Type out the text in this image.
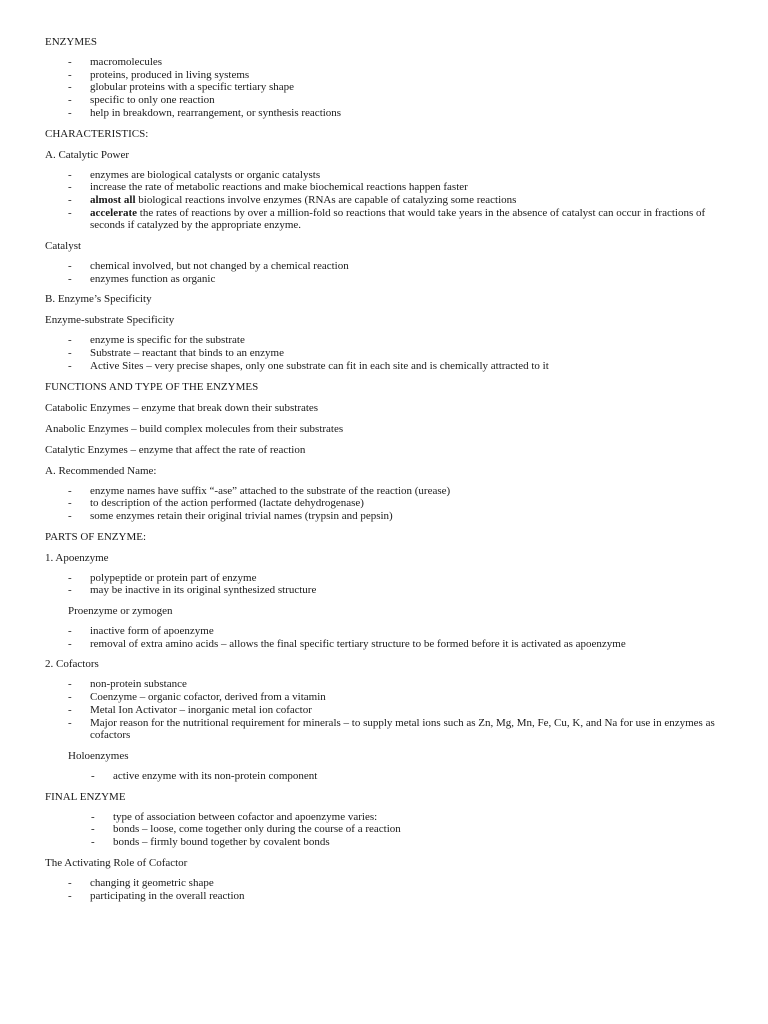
ENZYMES

- macromolecules
- proteins, produced in living systems
- globular proteins with a specific tertiary shape
- specific to only one reaction
- help in breakdown, rearrangement, or synthesis reactions

CHARACTERISTICS:

A. Catalytic Power

- enzymes are biological catalysts or organic catalysts
- increase the rate of metabolic reactions and make biochemical reactions happen faster
- almost all biological reactions involve enzymes (RNAs are capable of catalyzing some reactions
- accelerate the rates of reactions by over a million-fold so reactions that would take years in the absence of catalyst can occur in fractions of seconds if catalyzed by the appropriate enzyme.

Catalyst

- chemical involved, but not changed by a chemical reaction
- enzymes function as organic

B. Enzyme’s Specificity

Enzyme-substrate Specificity

- enzyme is specific for the substrate
- Substrate – reactant that binds to an enzyme
- Active Sites – very precise shapes, only one substrate can fit in each site and is chemically attracted to it

FUNCTIONS AND TYPE OF THE ENZYMES

Catabolic Enzymes – enzyme that break down their substrates

Anabolic Enzymes – build complex molecules from their substrates

Catalytic Enzymes – enzyme that affect the rate of reaction

A. Recommended Name:

- enzyme names have suffix “-ase” attached to the substrate of the reaction (urease)
- to description of the action performed (lactate dehydrogenase)
- some enzymes retain their original trivial names (trypsin and pepsin)

PARTS OF ENZYME:

1. Apoenzyme

- polypeptide or protein part of enzyme
- may be inactive in its original synthesized structure

Proenzyme or zymogen

- inactive form of apoenzyme
- removal of extra amino acids – allows the final specific tertiary structure to be formed before it is activated as apoenzyme

2. Cofactors

- non-protein substance
- Coenzyme – organic cofactor, derived from a vitamin
- Metal Ion Activator – inorganic metal ion cofactor
- Major reason for the nutritional requirement for minerals – to supply metal ions such as Zn, Mg, Mn, Fe, Cu, K, and Na for use in enzymes as cofactors

Holoenzymes

- active enzyme with its non-protein component

FINAL ENZYME

- type of association between cofactor and apoenzyme varies:
- bonds – loose, come together only during the course of a reaction
- bonds – firmly bound together by covalent bonds

The Activating Role of Cofactor

- changing it geometric shape
- participating in the overall reaction
